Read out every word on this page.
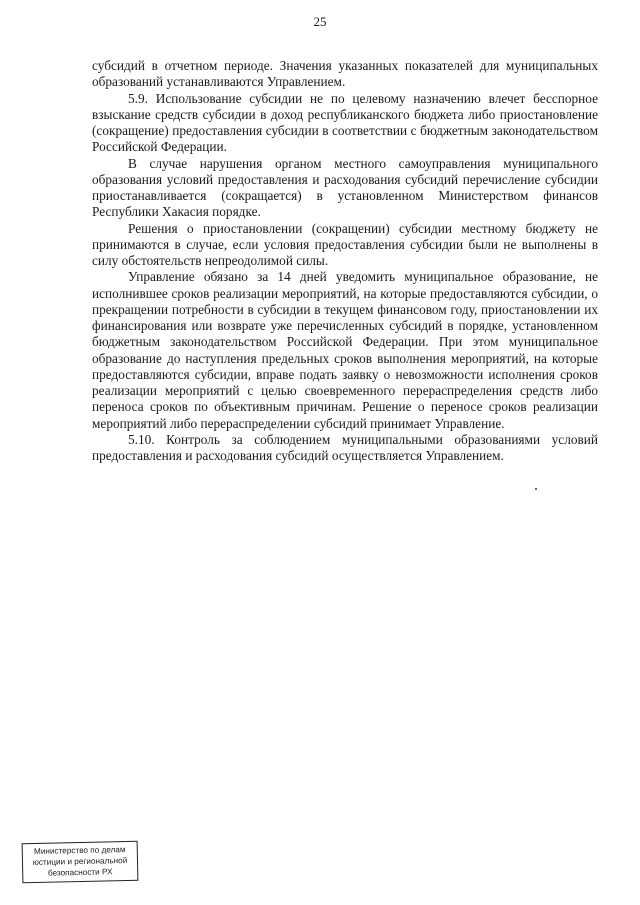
25

субсидий в отчетном периоде. Значения указанных показателей для муниципальных образований устанавливаются Управлением.

5.9. Использование субсидии не по целевому назначению влечет бесспорное взыскание средств субсидии в доход республиканского бюджета либо приостановление (сокращение) предоставления субсидии в соответствии с бюджетным законодательством Российской Федерации.

В случае нарушения органом местного самоуправления муниципального образования условий предоставления и расходования субсидий перечисление субсидии приостанавливается (сокращается) в установленном Министерством финансов Республики Хакасия порядке.

Решения о приостановлении (сокращении) субсидии местному бюджету не принимаются в случае, если условия предоставления субсидии были не выполнены в силу обстоятельств непреодолимой силы.

Управление обязано за 14 дней уведомить муниципальное образование, не исполнившее сроков реализации мероприятий, на которые предоставляются субсидии, о прекращении потребности в субсидии в текущем финансовом году, приостановлении их финансирования или возврате уже перечисленных субсидий в порядке, установленном бюджетным законодательством Российской Федерации. При этом муниципальное образование до наступления предельных сроков выполнения мероприятий, на которые предоставляются субсидии, вправе подать заявку о невозможности исполнения сроков реализации мероприятий с целью своевременного перераспределения средств либо переноса сроков по объективным причинам. Решение о переносе сроков реализации мероприятий либо перераспределении субсидий принимает Управление.

5.10. Контроль за соблюдением муниципальными образованиями условий предоставления и расходования субсидий осуществляется Управлением.

Министерство по делам
юстиции и региональной
безопасности РХ
